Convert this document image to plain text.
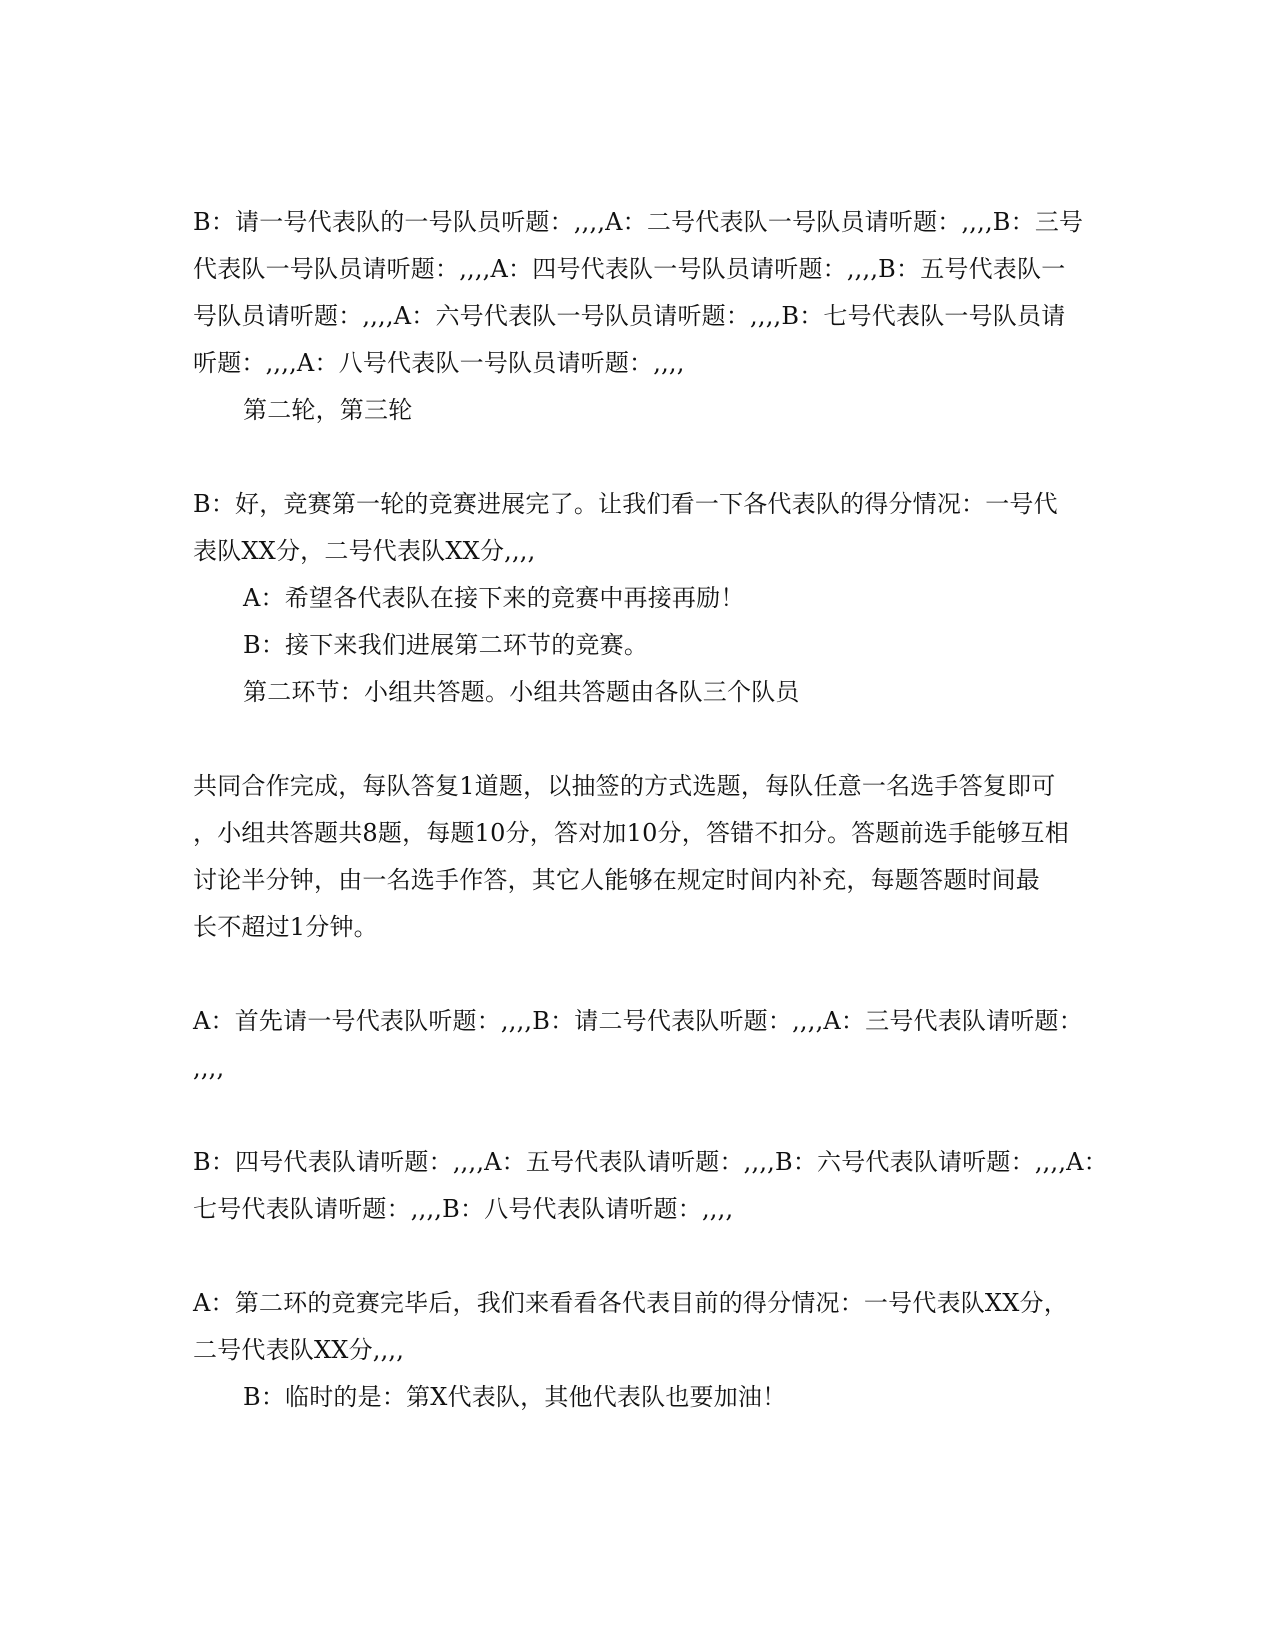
B：请一号代表队的一号队员听题：,,,,A：二号代表队一号队员请听题：,,,,B：三号
代表队一号队员请听题：,,,,A：四号代表队一号队员请听题：,,,,B：五号代表队一
号队员请听题：,,,,A：六号代表队一号队员请听题：,,,,B：七号代表队一号队员请
听题：,,,,A：八号代表队一号队员请听题：,,,,
第二轮，第三轮
B：好，竞赛第一轮的竞赛进展完了。让我们看一下各代表队的得分情况：一号代
表队XX分，二号代表队XX分,,,,
A：希望各代表队在接下来的竞赛中再接再励！
B：接下来我们进展第二环节的竞赛。
第二环节：小组共答题。小组共答题由各队三个队员
共同合作完成，每队答复1道题，以抽签的方式选题，每队任意一名选手答复即可
，小组共答题共8题，每题10分，答对加10分，答错不扣分。答题前选手能够互相
讨论半分钟，由一名选手作答，其它人能够在规定时间内补充，每题答题时间最
长不超过1分钟。
A：首先请一号代表队听题：,,,,B：请二号代表队听题：,,,,A：三号代表队请听题：
,,,,
B：四号代表队请听题：,,,,A：五号代表队请听题：,,,,B：六号代表队请听题：,,,,A：
七号代表队请听题：,,,,B：八号代表队请听题：,,,,
A：第二环的竞赛完毕后，我们来看看各代表目前的得分情况：一号代表队XX分，
二号代表队XX分,,,,
B：临时的是：第X代表队，其他代表队也要加油！
